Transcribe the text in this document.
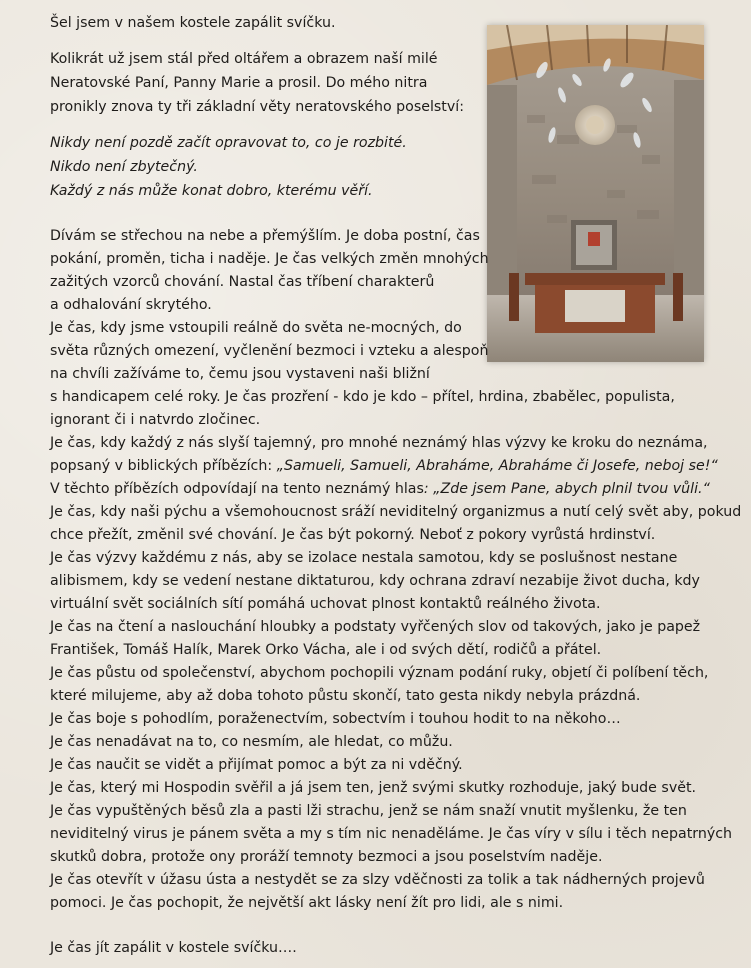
Šel jsem v našem kostele zapálit svíčku.
Kolikrát už jsem stál před oltářem a obrazem naší milé
Neratovské Paní, Panny Marie a prosil. Do mého nitra
pronikly znova ty tři základní věty neratovského poselství:
Nikdy není pozdě začít opravovat to, co je rozbité.
Nikdo není zbytečný.
Každý z nás může konat dobro, kterému věří.
Dívám se střechou na nebe a přemýšlím. Je doba postní, čas
pokání, proměn, ticha i naděje. Je čas velkých změn mnohých
zažitých vzorců chování. Nastal čas tříbení charakterů
a odhalování skrytého.
Je čas, kdy jsme vstoupili reálně do světa ne-mocných, do
světa různých omezení, vyčlenění bezmoci i vzteku a alespoň
na chvíli zažíváme to, čemu jsou vystaveni naši bližní
s handicapem celé roky. Je čas prozření - kdo je kdo – přítel, hrdina, zbabělec, populista,
ignorant či i natvrdo zločinec.
Je čas, kdy každý z nás slyší tajemný, pro mnohé neznámý hlas výzvy ke kroku do neznáma,
popsaný v biblických příbězích: „Samueli, Samueli, Abraháme, Abraháme či Josefe, neboj se!“
V těchto příbězích odpovídají na tento neznámý hlas: „Zde jsem Pane, abych plnil tvou vůli.“
Je čas, kdy naši pýchu a všemohoucnost sráží neviditelný organizmus a nutí celý svět aby, pokud
chce přežít, změnil své chování. Je čas být pokorný. Neboť z pokory vyrůstá hrdinství.
Je čas výzvy každému z nás, aby se izolace nestala samotou, kdy se poslušnost nestane
alibismem, kdy se vedení nestane diktaturou, kdy ochrana zdraví nezabije život ducha, kdy
virtuální svět sociálních sítí pomáhá uchovat plnost kontaktů reálného života.
Je čas na čtení a naslouchání hloubky a podstaty vyřčených slov od takových, jako je papež
František, Tomáš Halík, Marek Orko Vácha, ale i od svých dětí, rodičů a přátel.
Je čas půstu od společenství, abychom pochopili význam podání ruky, objetí či políbení těch,
které milujeme, aby až doba tohoto půstu skončí, tato gesta nikdy nebyla prázdná.
Je čas boje s pohodlím, poraženectvím, sobectvím i touhou hodit to na někoho…
Je čas nenadávat na to, co nesmím, ale hledat, co můžu.
Je čas naučit se vidět a přijímat pomoc a být za ni vděčný.
Je čas, který mi Hospodin svěřil a já jsem ten, jenž svými skutky rozhoduje, jaký bude svět.
Je čas vypuštěných běsů zla a pasti lži strachu, jenž se nám snaží vnutit myšlenku, že ten
neviditelný virus je pánem světa a my s tím nic nenaděláme. Je čas víry v sílu i těch nepatrných
skutků dobra, protože ony proráží temnoty bezmoci a jsou poselstvím naděje.
Je čas otevřít v úžasu ústa a nestydět se za slzy vděčnosti za tolik a tak nádherných projevů
pomoci. Je čas pochopit, že největší akt lásky není žít pro lidi, ale s nimi.
Je čas jít zapálit v kostele svíčku….
